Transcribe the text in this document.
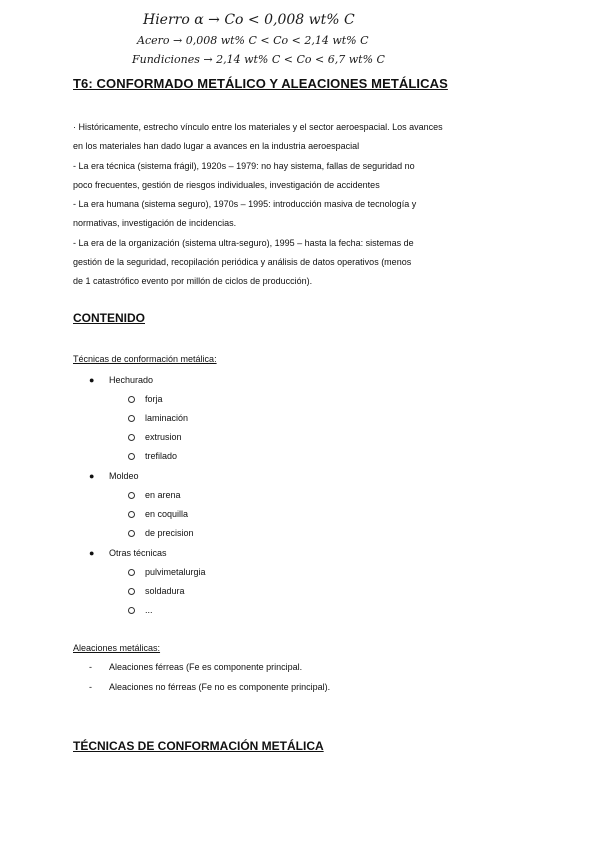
Hierro α → Co < 0,008 wt% C
Acero → 0,008 wt% C < Co < 2,14 wt% C
Fundiciones → 2,14 wt% C < Co < 6,7 wt% C
T6: CONFORMADO METÁLICO Y ALEACIONES METÁLICAS
· Históricamente, estrecho vínculo entre los materiales y el sector aeroespacial. Los avances
en los materiales han dado lugar a avances en la industria aeroespacial
- La era técnica (sistema frágil), 1920s – 1979: no hay sistema, fallas de seguridad no
poco frecuentes, gestión de riesgos individuales, investigación de accidentes
- La era humana (sistema seguro), 1970s – 1995: introducción masiva de tecnología y
normativas, investigación de incidencias.
- La era de la organización (sistema ultra-seguro), 1995 – hasta la fecha: sistemas de
gestión de la seguridad, recopilación periódica y análisis de datos operativos (menos
de 1 catastrófico evento por millón de ciclos de producción).
CONTENIDO
Técnicas de conformación metálica:
● Hechurado
forja
laminación
extrusion
trefilado
● Moldeo
en arena
en coquilla
de precision
● Otras técnicas
pulvimetalurgia
soldadura
...
Aleaciones metálicas:
- Aleaciones férreas (Fe es componente principal.
- Aleaciones no férreas (Fe no es componente principal).
TÉCNICAS DE CONFORMACIÓN METÁLICA
